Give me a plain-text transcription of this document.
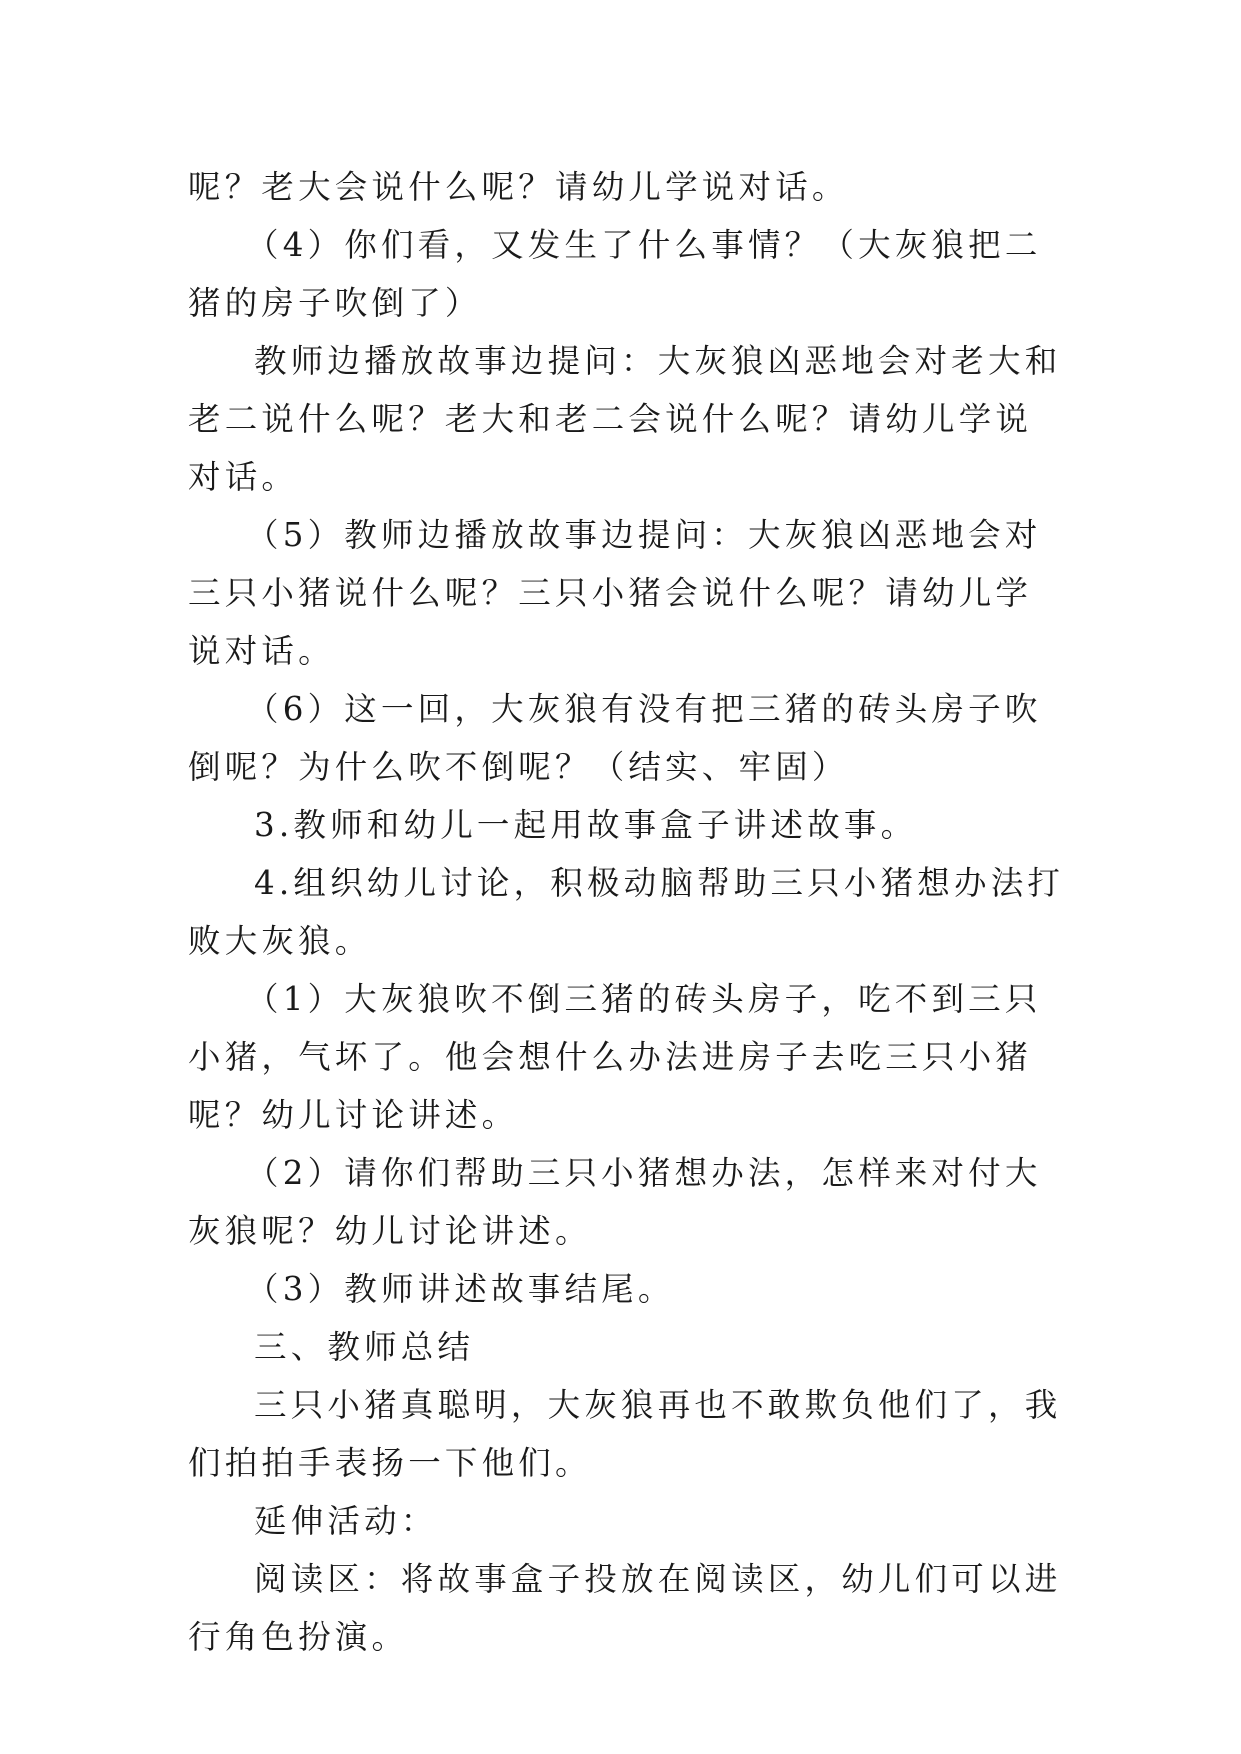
呢？老大会说什么呢？请幼儿学说对话。

（4）你们看，又发生了什么事情？（大灰狼把二猪的房子吹倒了）

教师边播放故事边提问：大灰狼凶恶地会对老大和老二说什么呢？老大和老二会说什么呢？请幼儿学说对话。

（5）教师边播放故事边提问：大灰狼凶恶地会对三只小猪说什么呢？三只小猪会说什么呢？请幼儿学说对话。

（6）这一回，大灰狼有没有把三猪的砖头房子吹倒呢？为什么吹不倒呢？（结实、牢固）

3.教师和幼儿一起用故事盒子讲述故事。

4.组织幼儿讨论，积极动脑帮助三只小猪想办法打败大灰狼。

（1）大灰狼吹不倒三猪的砖头房子，吃不到三只小猪，气坏了。他会想什么办法进房子去吃三只小猪呢？幼儿讨论讲述。

（2）请你们帮助三只小猪想办法，怎样来对付大灰狼呢？幼儿讨论讲述。

（3）教师讲述故事结尾。

三、教师总结

三只小猪真聪明，大灰狼再也不敢欺负他们了，我们拍拍手表扬一下他们。

延伸活动：

阅读区：将故事盒子投放在阅读区，幼儿们可以进行角色扮演。
